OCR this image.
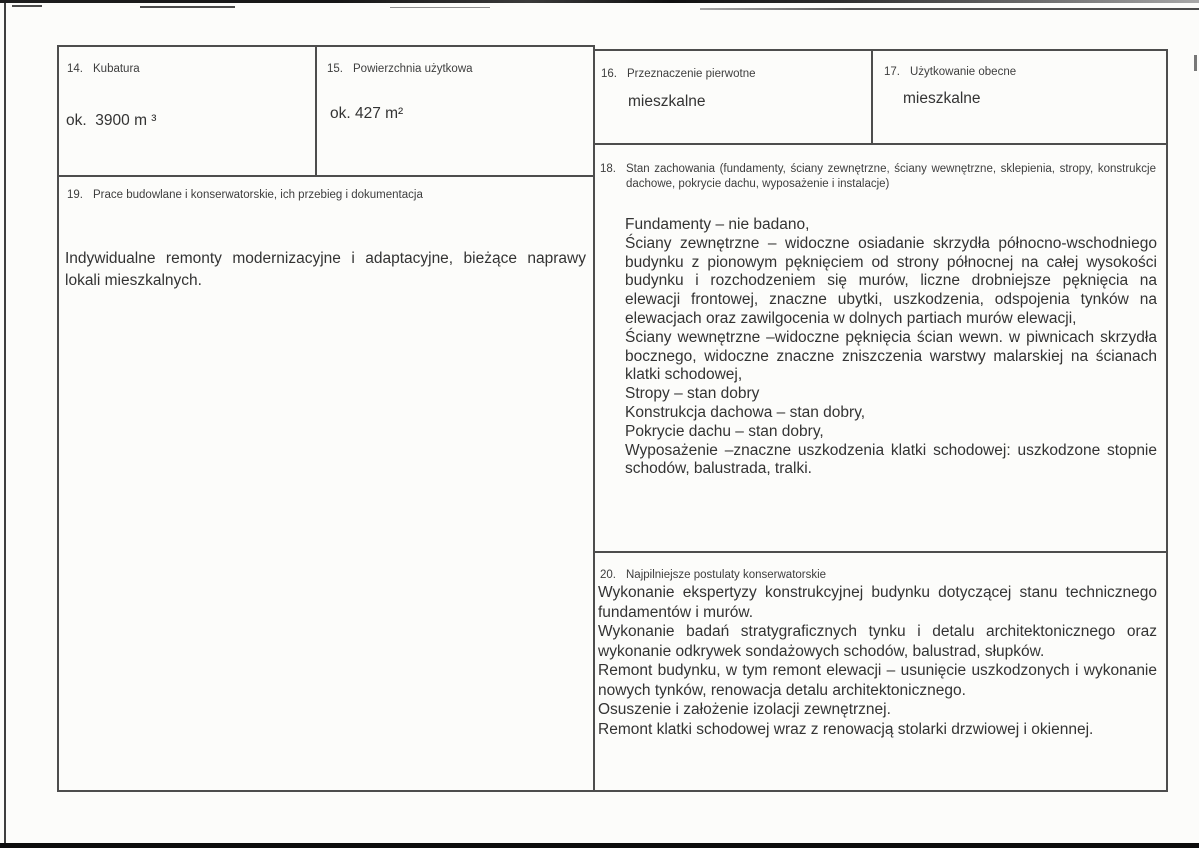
14. Kubatura
ok.  3900 m ³
15. Powierzchnia użytkowa
ok. 427 m²
19. Prace budowlane i konserwatorskie, ich przebieg i dokumentacja
Indywidualne remonty modernizacyjne i adaptacyjne, bieżące naprawy lokali mieszkalnych.
16. Przeznaczenie pierwotne
mieszkalne
17. Użytkowanie obecne
mieszkalne
18. Stan zachowania (fundamenty, ściany zewnętrzne, ściany wewnętrzne, sklepienia, stropy, konstrukcje dachowe, pokrycie dachu, wyposażenie i instalacje)
Fundamenty – nie badano,
Ściany zewnętrzne – widoczne osiadanie skrzydła północno-wschodniego budynku z pionowym pęknięciem od strony północnej na całej wysokości budynku i rozchodzeniem się murów, liczne drobniejsze pęknięcia na elewacji frontowej, znaczne ubytki, uszkodzenia, odspojenia tynków na elewacjach oraz zawilgocenia w dolnych partiach murów elewacji,
Ściany wewnętrzne –widoczne pęknięcia ścian wewn. w piwnicach skrzydła bocznego, widoczne znaczne zniszczenia warstwy malarskiej na ścianach klatki schodowej,
Stropy – stan dobry
Konstrukcja dachowa – stan dobry,
Pokrycie dachu – stan dobry,
Wyposażenie –znaczne uszkodzenia klatki schodowej: uszkodzone stopnie schodów, balustrada, tralki.
20. Najpilniejsze postulaty konserwatorskie
Wykonanie ekspertyzy konstrukcyjnej budynku dotyczącej stanu technicznego fundamentów i murów.
Wykonanie badań stratygraficznych tynku i detalu architektonicznego oraz wykonanie odkrywek sondażowych schodów, balustrad, słupków.
Remont budynku, w tym remont elewacji – usunięcie uszkodzonych i wykonanie nowych tynków, renowacja detalu architektonicznego.
Osuszenie i założenie izolacji zewnętrznej.
Remont klatki schodowej wraz z renowacją stolarki drzwiowej i okiennej.
